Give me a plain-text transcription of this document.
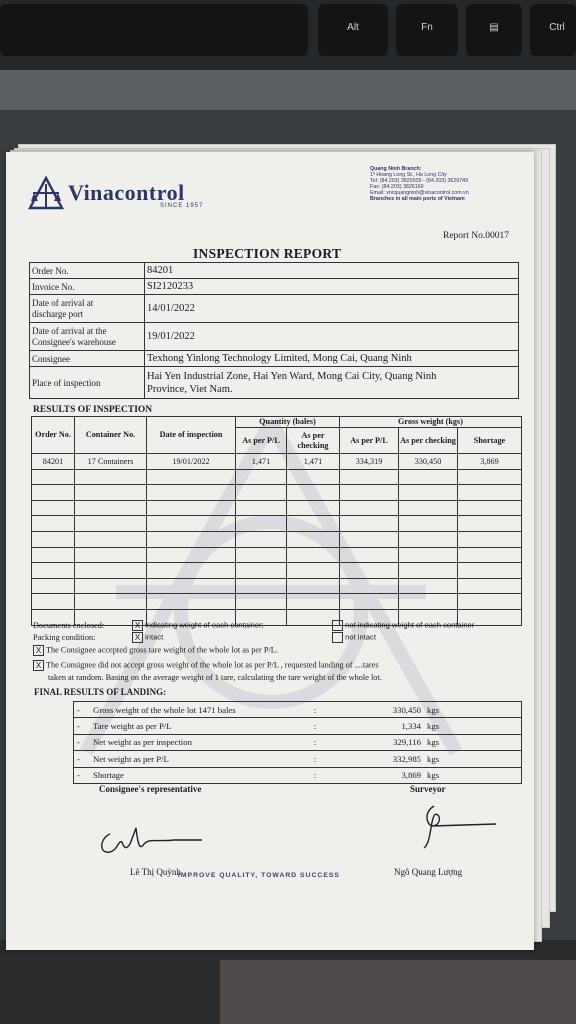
Alt	Fn	▤	Ctrl
Vinacontrol
SINCE 1957
Quang Ninh Branch:
1º Hoang Long St., Ha Long City
Tel: (84.203) 3825535 - (84.203) 3629749
Fax: (84.203) 3826169
Email: vncquangninh@vinacontrol.com.vn
Branches in all main ports of Vietnam
Report No.00017
INSPECTION REPORT
Order No.	84201
Invoice No.	SI2120233
Date of arrival at
discharge port	14/01/2022
Date of arrival at the
Consignee's warehouse	19/01/2022
Consignee	Texhong Yinlong Technology Limited, Mong Cai, Quang Ninh
Place of inspection	Hai Yen Industrial Zone, Hai Yen Ward, Mong Cai City, Quang Ninh
Province, Viet Nam.
RESULTS OF INSPECTION
Order No.	Container No.	Date of inspection	Quantity (bales)		Gross weight (kgs)		
			As per P/L	As per checking	As per P/L	As per checking	Shortage
84201	17 Containers	19/01/2022	1,471	1,471	334,319	330,450	3,869

Documents enclosed:	X indicating weight of each container;	not indicating weight of each container
Packing condition:	X intact	not intact
X The Consignee accepted gross tare weight of the whole lot as per P/L.
X The Consignee did not accept gross weight of the whole lot as per P/L , requested landing of ....tares
taken at random. Basing on the average weight of 1 tare, calculating the tare weight of the whole lot.
FINAL RESULTS OF LANDING:
-	Gross weight of the whole lot 1471 bales	:	330,450	kgs
-	Tare weight as per P/L	:	1,334	kgs
-	Net weight as per inspection	:	329,116	kgs
-	Net weight as per P/L	:	332,985	kgs
-	Shortage	:	3,869	kgs
Consignee's representative	Surveyor
Lê Thị Quỳnh
IMPROVE QUALITY, TOWARD SUCCESS	Ngô Quang Lượng
